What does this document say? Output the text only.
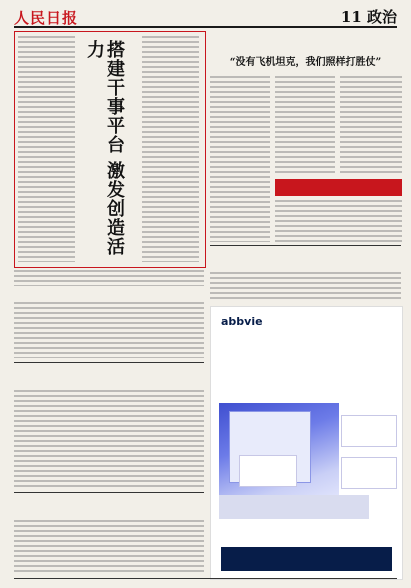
人民日报	11 政治
搭建干事平台 激发创造活力
“没有飞机坦克，我们照样打胜仗”
abbvie
